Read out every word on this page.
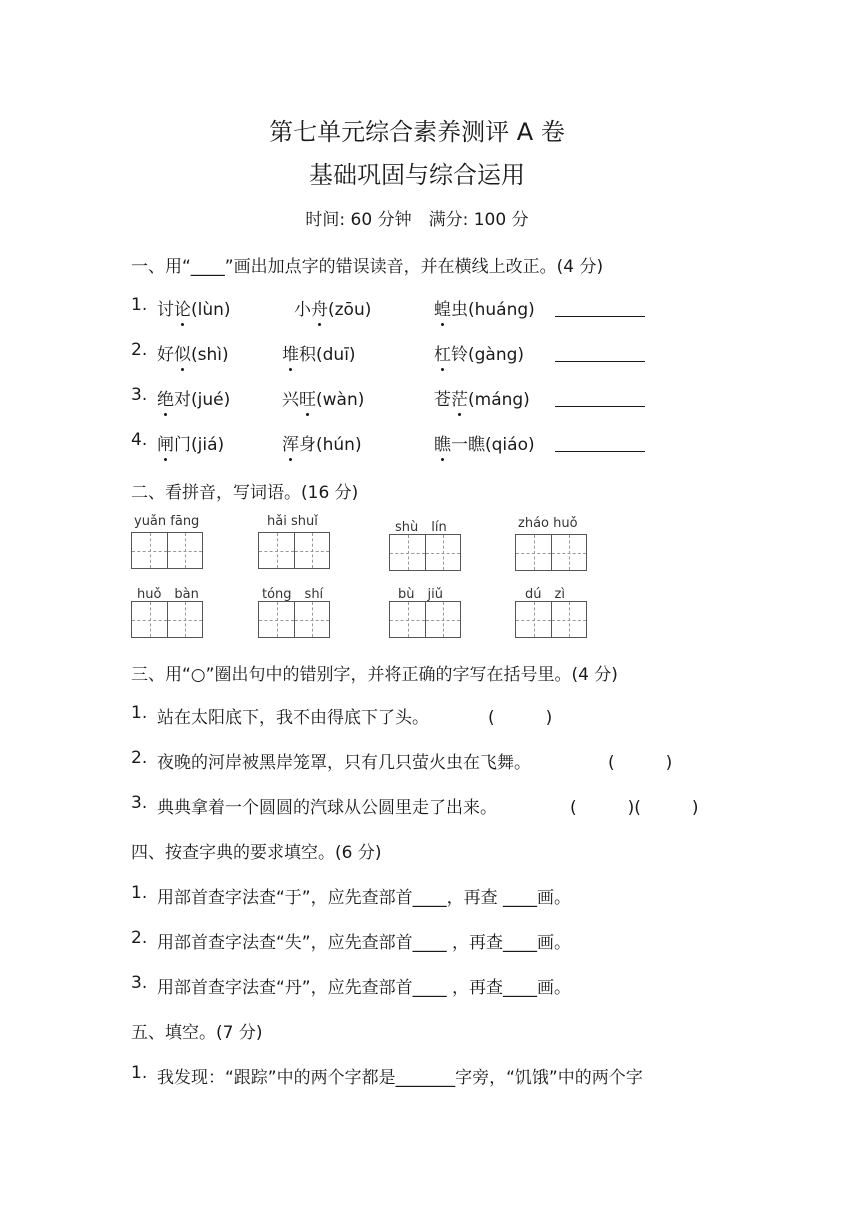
第七单元综合素养测评 A 卷
基础巩固与综合运用
时间: 60 分钟　满分: 100 分
一、用“____”画出加点字的错误读音，并在横线上改正。(4 分)
1. 讨论(lùn)	小舟(zōu)	蝗虫(huáng)
2. 好似(shì)	堆积(duī)	杠铃(gàng)
3. 绝对(jué)	兴旺(wàn)	苍茫(máng)
4. 闸门(jiá)	浑身(hún)	瞧一瞧(qiáo)
二、看拼音，写词语。(16 分)
yuǎn fāng	hǎi shuǐ	shù　lín	zháo huǒ
huǒ　bàn	tóng　shí	bù　jiǔ	dú　zì
三、用“○”圈出句中的错别字，并将正确的字写在括号里。(4 分)
1. 站在太阳底下，我不由得底下了头。	(　　　)
2. 夜晚的河岸被黑岸笼罩，只有几只萤火虫在飞舞。	(　　　)
3. 典典拿着一个圆圆的汽球从公圆里走了出来。	(　　　)(　　　)
四、按查字典的要求填空。(6 分)
1. 用部首查字法查“于”，应先查部首____，再查 ____画。
2. 用部首查字法查“失”，应先查部首____ ，再查____画。
3. 用部首查字法查“丹”，应先查部首____ ，再查____画。
五、填空。(7 分)
1. 我发现：“跟踪”中的两个字都是_______字旁，“饥饿”中的两个字
